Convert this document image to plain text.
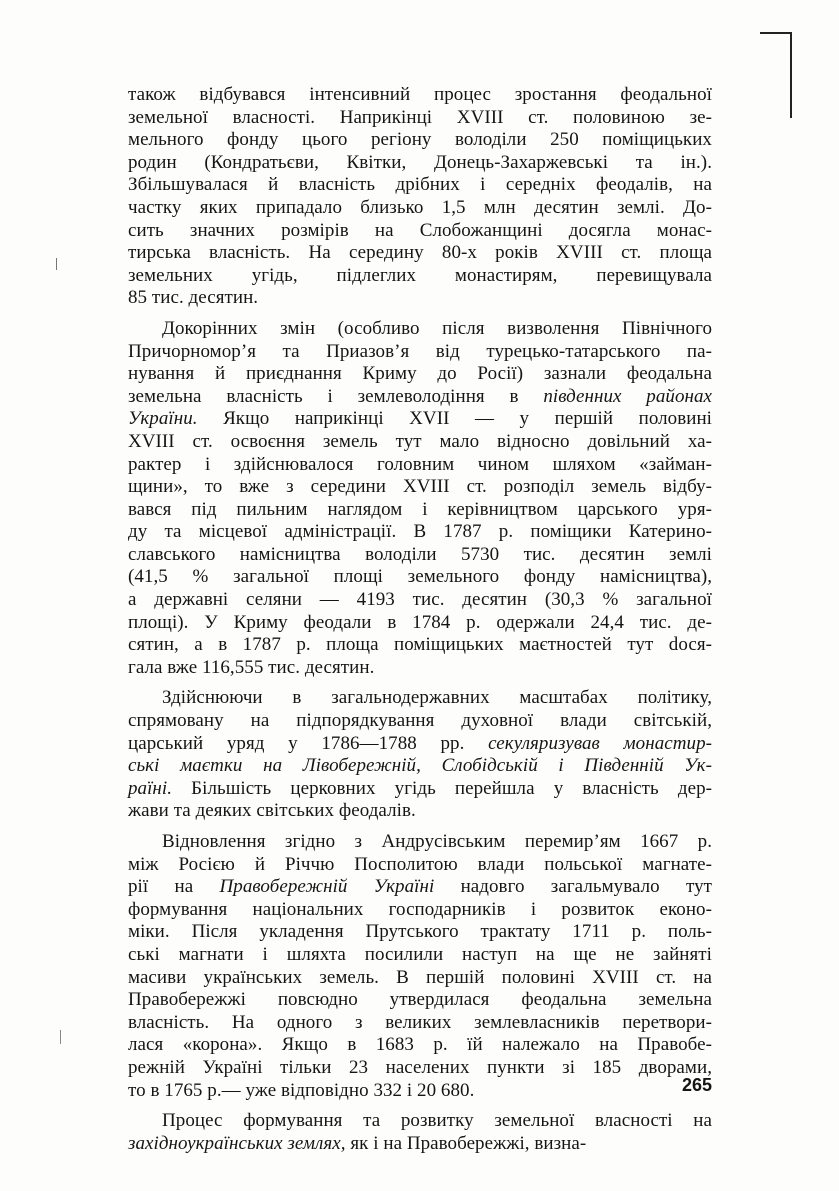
також відбувався інтенсивний процес зростання феодальної
земельної власності. Наприкінці XVIII ст. половиною зе-
мельного фонду цього регіону володіли 250 поміщицьких
родин (Кондратьєви, Квітки, Донець-Захаржевські та ін.).
Збільшувалася й власність дрібних і середніх феодалів, на
частку яких припадало близько 1,5 млн десятин землі. До-
сить значних розмірів на Слобожанщині досягла монас-
тирська власність. На середину 80-х років XVIII ст. площа
земельних угідь, підлеглих монастирям, перевищувала
85 тис. десятин.
Докорінних змін (особливо після визволення Північного
Причорномор’я та Приазов’я від турецько-татарського па-
нування й приєднання Криму до Росії) зазнали феодальна
земельна власність і землеволодіння в південних районах
України. Якщо наприкінці XVII — у першій половині
XVIII ст. освоєння земель тут мало відносно довільний ха-
рактер і здійснювалося головним чином шляхом «займан-
щини», то вже з середини XVIII ст. розподіл земель відбу-
вався під пильним наглядом і керівництвом царського уря-
ду та місцевої адміністрації. В 1787 р. поміщики Катерино-
славського намісництва володіли 5730 тис. десятин землі
(41,5 % загальної площі земельного фонду намісництва),
а державні селяни — 4193 тис. десятин (30,3 % загальної
площі). У Криму феодали в 1784 р. одержали 24,4 тис. де-
сятин, а в 1787 р. площа поміщицьких маєтностей тут dося-
гала вже 116,555 тис. десятин.
Здійснюючи в загальнодержавних масштабах політику,
спрямовану на підпорядкування духовної влади світській,
царський уряд у 1786—1788 рр. секуляризував монастир-
ські маєтки на Лівобережній, Слобідській і Південній Ук-
раїні. Більшість церковних угідь перейшла у власність дер-
жави та деяких світських феодалів.
Відновлення згідно з Андрусівським перемир’ям 1667 р.
між Росією й Річчю Посполитою влади польської магнате-
рії на Правобережній Україні надовго загальмувало тут
формування національних господарників і розвиток еконо-
міки. Після укладення Прутського трактату 1711 р. поль-
ські магнати і шляхта посилили наступ на ще не зайняті
масиви українських земель. В першій половині XVIII ст. на
Правобережжі повсюдно утвердилася феодальна земельна
власність. На одного з великих землевласників перетвори-
лася «корона». Якщо в 1683 р. їй належало на Правобе-
режній Україні тільки 23 населених пункти зі 185 дворами,
то в 1765 р.— уже відповідно 332 і 20 680.
Процес формування та розвитку земельної власності на
західноукраїнських землях, як і на Правобережжі, визна-
265
